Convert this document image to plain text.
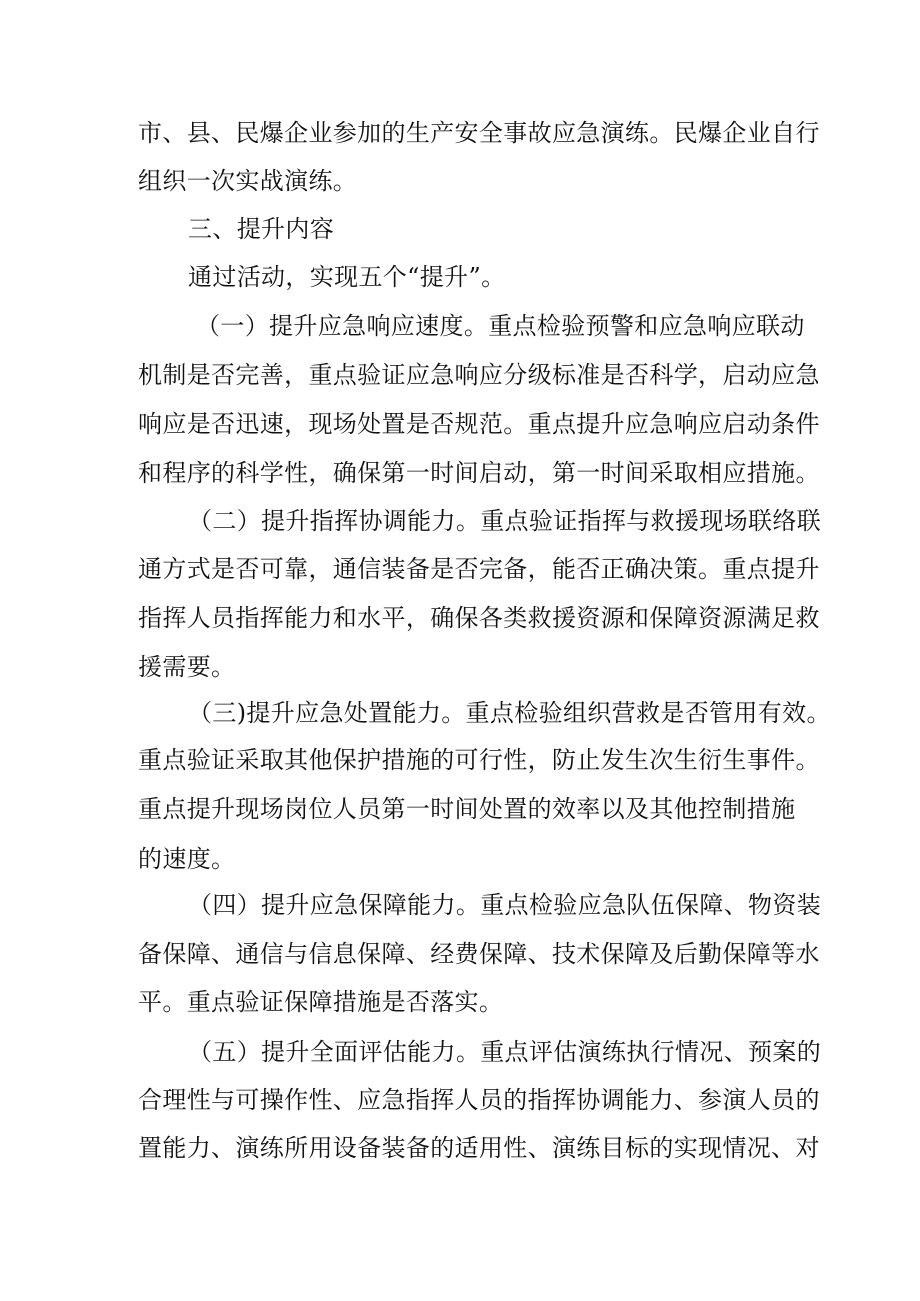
市、县、民爆企业参加的生产安全事故应急演练。民爆企业自行
组织一次实战演练。
三、提升内容
通过活动，实现五个“提升”。
（一）提升应急响应速度。重点检验预警和应急响应联动
机制是否完善，重点验证应急响应分级标准是否科学，启动应急
响应是否迅速，现场处置是否规范。重点提升应急响应启动条件
和程序的科学性，确保第一时间启动，第一时间采取相应措施。
（二）提升指挥协调能力。重点验证指挥与救援现场联络联
通方式是否可靠，通信装备是否完备，能否正确决策。重点提升
指挥人员指挥能力和水平，确保各类救援资源和保障资源满足救
援需要。
（三)提升应急处置能力。重点检验组织营救是否管用有效。
重点验证采取其他保护措施的可行性，防止发生次生衍生事件。
重点提升现场岗位人员第一时间处置的效率以及其他控制措施
的速度。
（四）提升应急保障能力。重点检验应急队伍保障、物资装
备保障、通信与信息保障、经费保障、技术保障及后勤保障等水
平。重点验证保障措施是否落实。
（五）提升全面评估能力。重点评估演练执行情况、预案的
合理性与可操作性、应急指挥人员的指挥协调能力、参演人员的
置能力、演练所用设备装备的适用性、演练目标的实现情况、对
